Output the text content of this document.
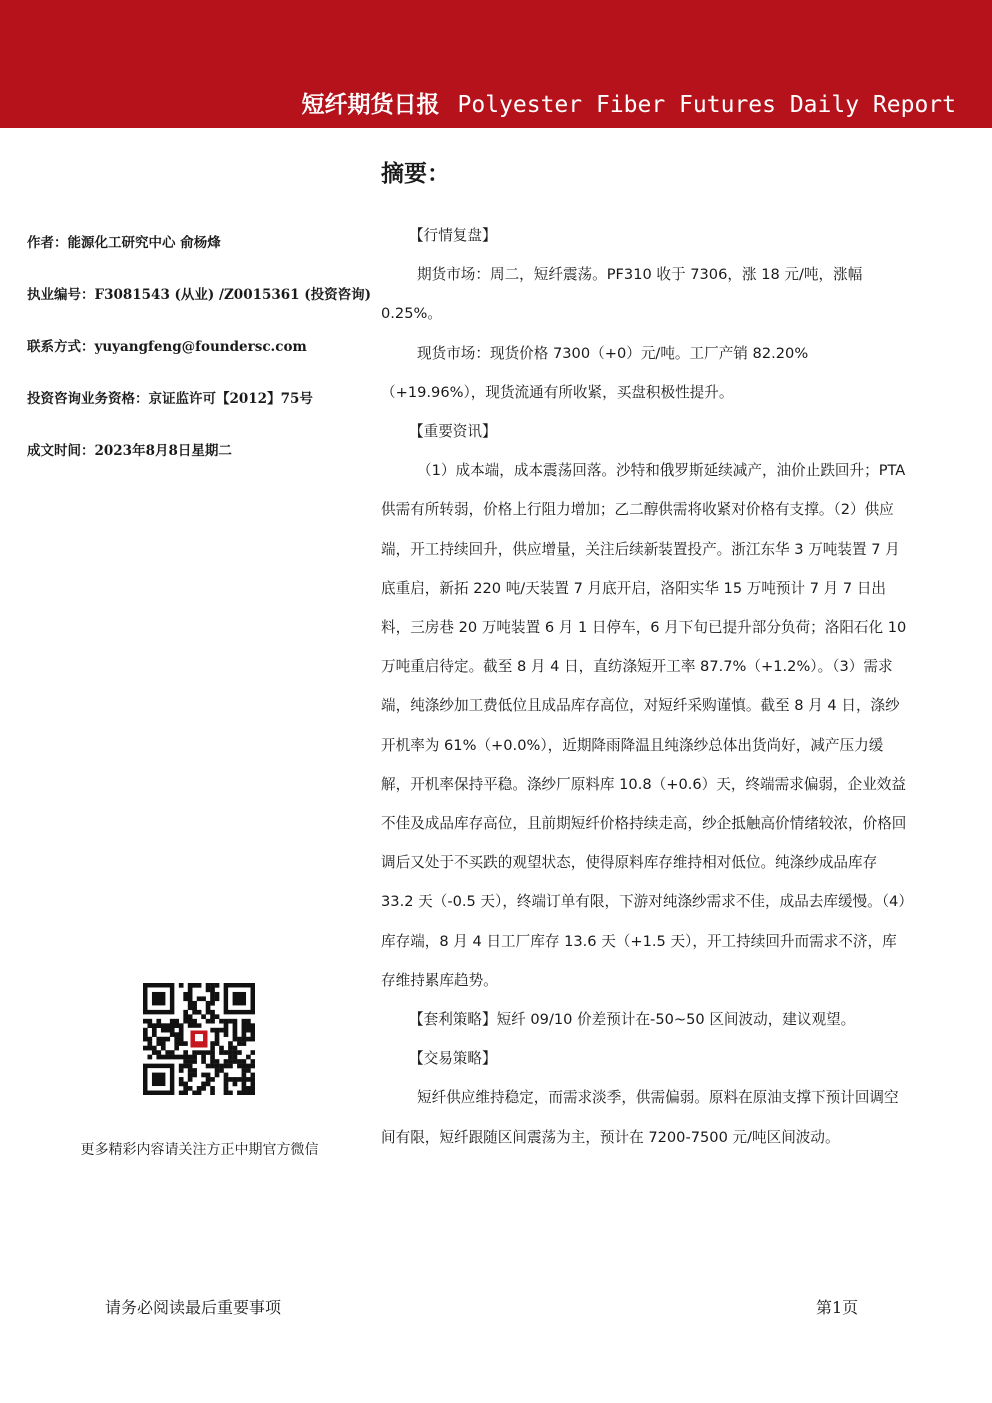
短纤期货日报 Polyester Fiber Futures Daily Report
摘要：
作者：能源化工研究中心 俞杨烽
执业编号：F3081543 (从业) /Z0015361 (投资咨询)
联系方式：yuyangfeng@foundersc.com
投资咨询业务资格：京证监许可【2012】75号
成文时间：2023年8月8日星期二
更多精彩内容请关注方正中期官方微信

【行情复盘】

期货市场：周二，短纤震荡。PF310 收于 7306，涨 18 元/吨，涨幅 0.25%。

现货市场：现货价格 7300（+0）元/吨。工厂产销 82.20%（+19.96%），现货流通有所收紧，买盘积极性提升。

【重要资讯】

（1）成本端，成本震荡回落。沙特和俄罗斯延续减产，油价止跌回升；PTA 供需有所转弱，价格上行阻力增加；乙二醇供需将收紧对价格有支撑。（2）供应端，开工持续回升，供应增量，关注后续新装置投产。浙江东华 3 万吨装置 7 月底重启，新拓 220 吨/天装置 7 月底开启，洛阳实华 15 万吨预计 7 月 7 日出料，三房巷 20 万吨装置 6 月 1 日停车，6 月下旬已提升部分负荷；洛阳石化 10 万吨重启待定。截至 8 月 4 日，直纺涤短开工率 87.7%（+1.2%）。（3）需求端，纯涤纱加工费低位且成品库存高位，对短纤采购谨慎。截至 8 月 4 日，涤纱开机率为 61%（+0.0%），近期降雨降温且纯涤纱总体出货尚好，减产压力缓解，开机率保持平稳。涤纱厂原料库 10.8（+0.6）天，终端需求偏弱，企业效益不佳及成品库存高位，且前期短纤价格持续走高，纱企抵触高价情绪较浓，价格回调后又处于不买跌的观望状态，使得原料库存维持相对低位。纯涤纱成品库存 33.2 天（-0.5 天），终端订单有限，下游对纯涤纱需求不佳，成品去库缓慢。（4）库存端，8 月 4 日工厂库存 13.6 天（+1.5 天），开工持续回升而需求不济，库存维持累库趋势。

【套利策略】短纤 09/10 价差预计在-50~50 区间波动，建议观望。

【交易策略】

短纤供应维持稳定，而需求淡季，供需偏弱。原料在原油支撑下预计回调空间有限，短纤跟随区间震荡为主，预计在 7200-7500 元/吨区间波动。

请务必阅读最后重要事项	第1页
